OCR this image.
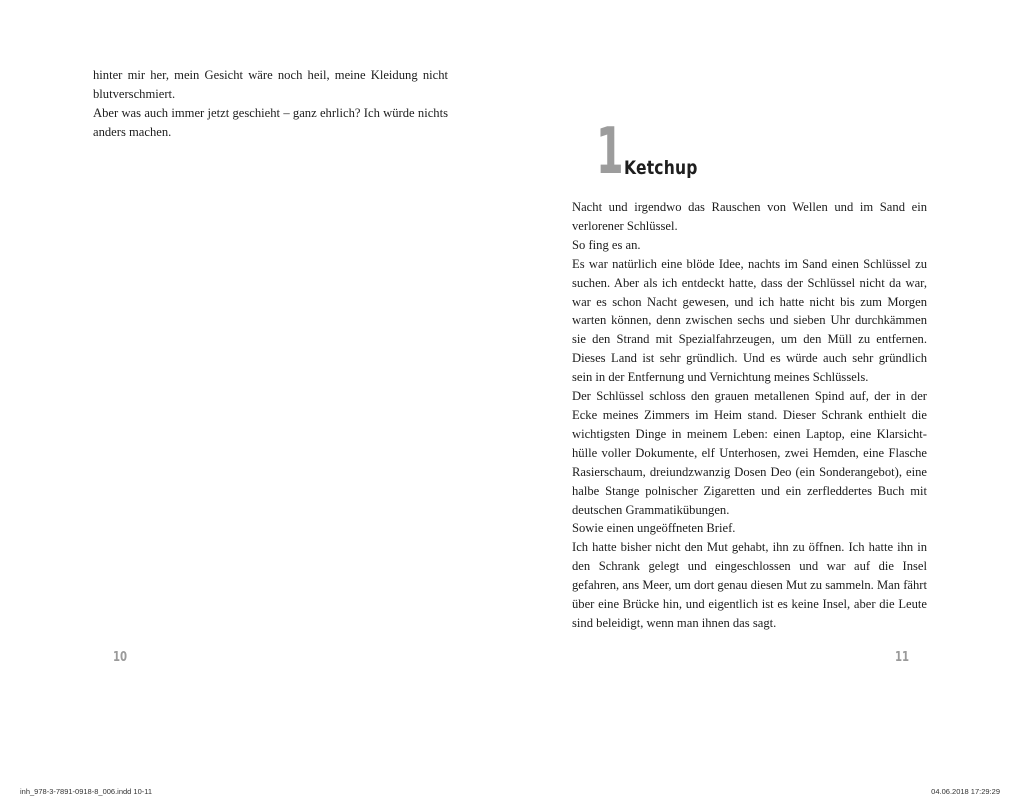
hinter mir her, mein Gesicht wäre noch heil, meine Kleidung nicht blutverschmiert.

Aber was auch immer jetzt geschieht – ganz ehrlich? Ich würde nichts anders machen.

10
1 Ketchup

Nacht und irgendwo das Rauschen von Wellen und im Sand ein verlorener Schlüssel.

So fing es an.

Es war natürlich eine blöde Idee, nachts im Sand einen Schlüssel zu suchen. Aber als ich entdeckt hatte, dass der Schlüssel nicht da war, war es schon Nacht gewesen, und ich hatte nicht bis zum Morgen warten können, denn zwischen sechs und sieben Uhr durchkämmen sie den Strand mit Spezialfahrzeugen, um den Müll zu entfernen. Dieses Land ist sehr gründlich. Und es würde auch sehr gründlich sein in der Entfernung und Vernichtung meines Schlüssels.

Der Schlüssel schloss den grauen metallenen Spind auf, der in der Ecke meines Zimmers im Heim stand. Dieser Schrank enthielt die wichtigsten Dinge in meinem Leben: einen Laptop, eine Klarsichthülle voller Dokumente, elf Unterhosen, zwei Hemden, eine Flasche Rasierschaum, dreiundzwanzig Dosen Deo (ein Sonderangebot), eine halbe Stange polnischer Zigaretten und ein zerfleddertes Buch mit deutschen Grammatikübungen.

Sowie einen ungeöffneten Brief.

Ich hatte bisher nicht den Mut gehabt, ihn zu öffnen. Ich hatte ihn in den Schrank gelegt und eingeschlossen und war auf die Insel gefahren, ans Meer, um dort genau diesen Mut zu sammeln. Man fährt über eine Brücke hin, und eigentlich ist es keine Insel, aber die Leute sind beleidigt, wenn man ihnen das sagt.

11
inh_978-3-7891-0918-8_006.indd 10-11	04.06.2018 17:29:29
